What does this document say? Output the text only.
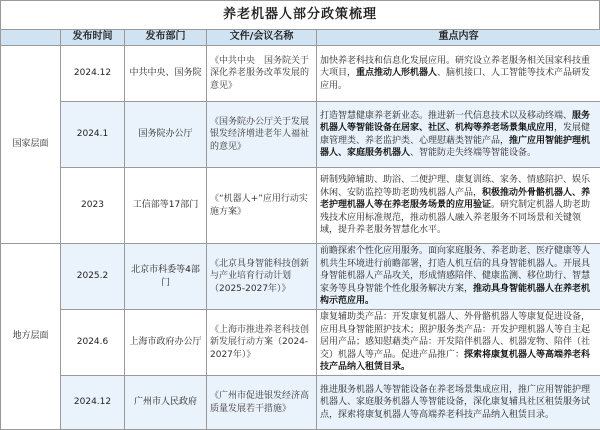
养老机器人部分政策梳理
	发布时间	发布部门	文件/会议名称	重点内容
国家层面	2024.12	中共中央、国务院	《中共中央　国务院关于深化养老服务改革发展的意见》	加快养老科技和信息化发展应用。研究设立养老服务相关国家科技重大项目，重点推动人形机器人、脑机接口、人工智能等技术产品研发应用。
	2024.1	国务院办公厅	《国务院办公厅关于发展银发经济增进老年人福祉的意见》	打造智慧健康养老新业态。推进新一代信息技术以及移动终端、服务机器人等智能设备在居家、社区、机构等养老场景集成应用，发展健康管理类、养老监护类、心理慰藉类智能产品，推广应用智能护理机器人、家庭服务机器人、智能防走失终端等智能设备。
	2023	工信部等17部门	《“机器人+”应用行动实施方案》	研制残障辅助、助浴、二便护理、康复训练、家务、情感陪护、娱乐休闲、安防监控等助老助残机器人产品，积极推动外骨骼机器人、养老护理机器人等在养老服务场景的应用验证。研究制定机器人助老助残技术应用标准规范，推动机器人融入养老服务不同场景和关键领域，提升养老服务智慧化水平。
地方层面	2025.2	北京市科委等4部门	《北京具身智能科技创新与产业培育行动计划（2025-2027年）》	前瞻探索个性化应用服务。面向家庭服务、养老助老、医疗健康等人机共生环境进行前瞻部署，打造人机互信的具身智能机器人。开展具身智能机器人产品攻关，形成情感陪伴、健康监测、移位助行、智慧家务等具身智能个性化服务解决方案，推动具身智能机器人在养老机构示范应用。
	2024.6	上海市政府办公厅	《上海市推进养老科技创新发展行动方案（2024-2027年）》	康复辅助类产品：开发康复机器人、外骨骼机器人等康复促进设备，应用具身智能照护技术；照护服务类产品：开发护理机器人等自主起居用产品；感知慰藉类产品：开发陪伴机器人、机器宠物、陪伴（社交）机器人等产品。促进产品推广：探索将康复机器人等高端养老科技产品纳入租赁目录。
	2024.12	广州市人民政府	《广州市促进银发经济高质量发展若干措施》	推进服务机器人等智能设备在养老场景集成应用，推广应用智能护理机器人、家庭服务机器人等智能设备，深化康复辅具社区租赁服务试点，探索将康复机器人等高端养老科技产品纳入租赁目录。
